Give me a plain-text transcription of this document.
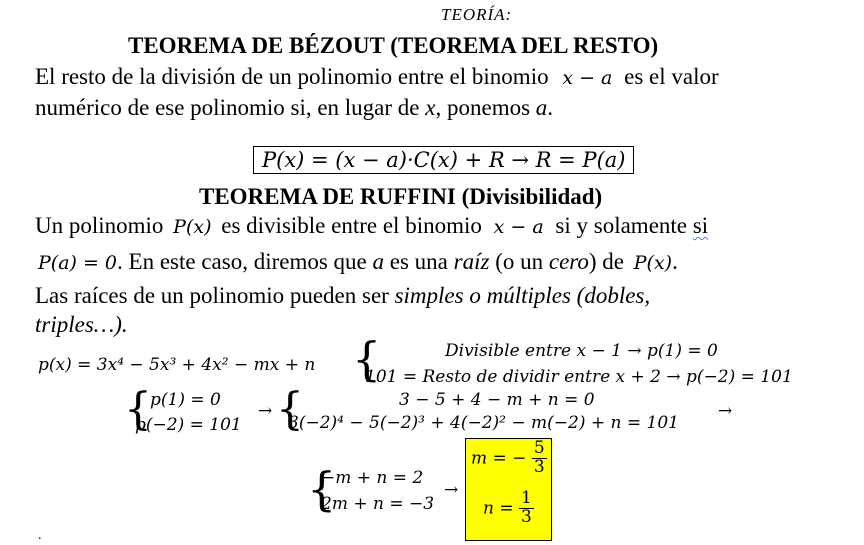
TEORÍA:
TEOREMA DE BÉZOUT (TEOREMA DEL RESTO)
El resto de la división de un polinomio entre el binomio x − a es el valor
numérico de ese polinomio si, en lugar de x, ponemos a.
P(x) = (x − a)·C(x) + R → R = P(a)
TEOREMA DE RUFFINI (Divisibilidad)
Un polinomio P(x) es divisible entre el binomio x − a si y solamente si
P(a) = 0. En este caso, diremos que a es una raíz (o un cero) de P(x).
Las raíces de un polinomio pueden ser simples o múltiples (dobles,
triples…).
p(x) = 3x⁴ − 5x³ + 4x² − mx + n {	Divisible entre x − 1 → p(1) = 0
101 = Resto de dividir entre x + 2 → p(−2) = 101
{
p(1) = 0
p(−2) = 101
→ {	3 − 5 + 4 − m + n = 0
3(−2)⁴ − 5(−2)³ + 4(−2)² − m(−2) + n = 101
→
{
−m + n = 2
2m + n = −3
→
m = − $\frac{5}{3}$
$n = \frac{1}{3}$
.
